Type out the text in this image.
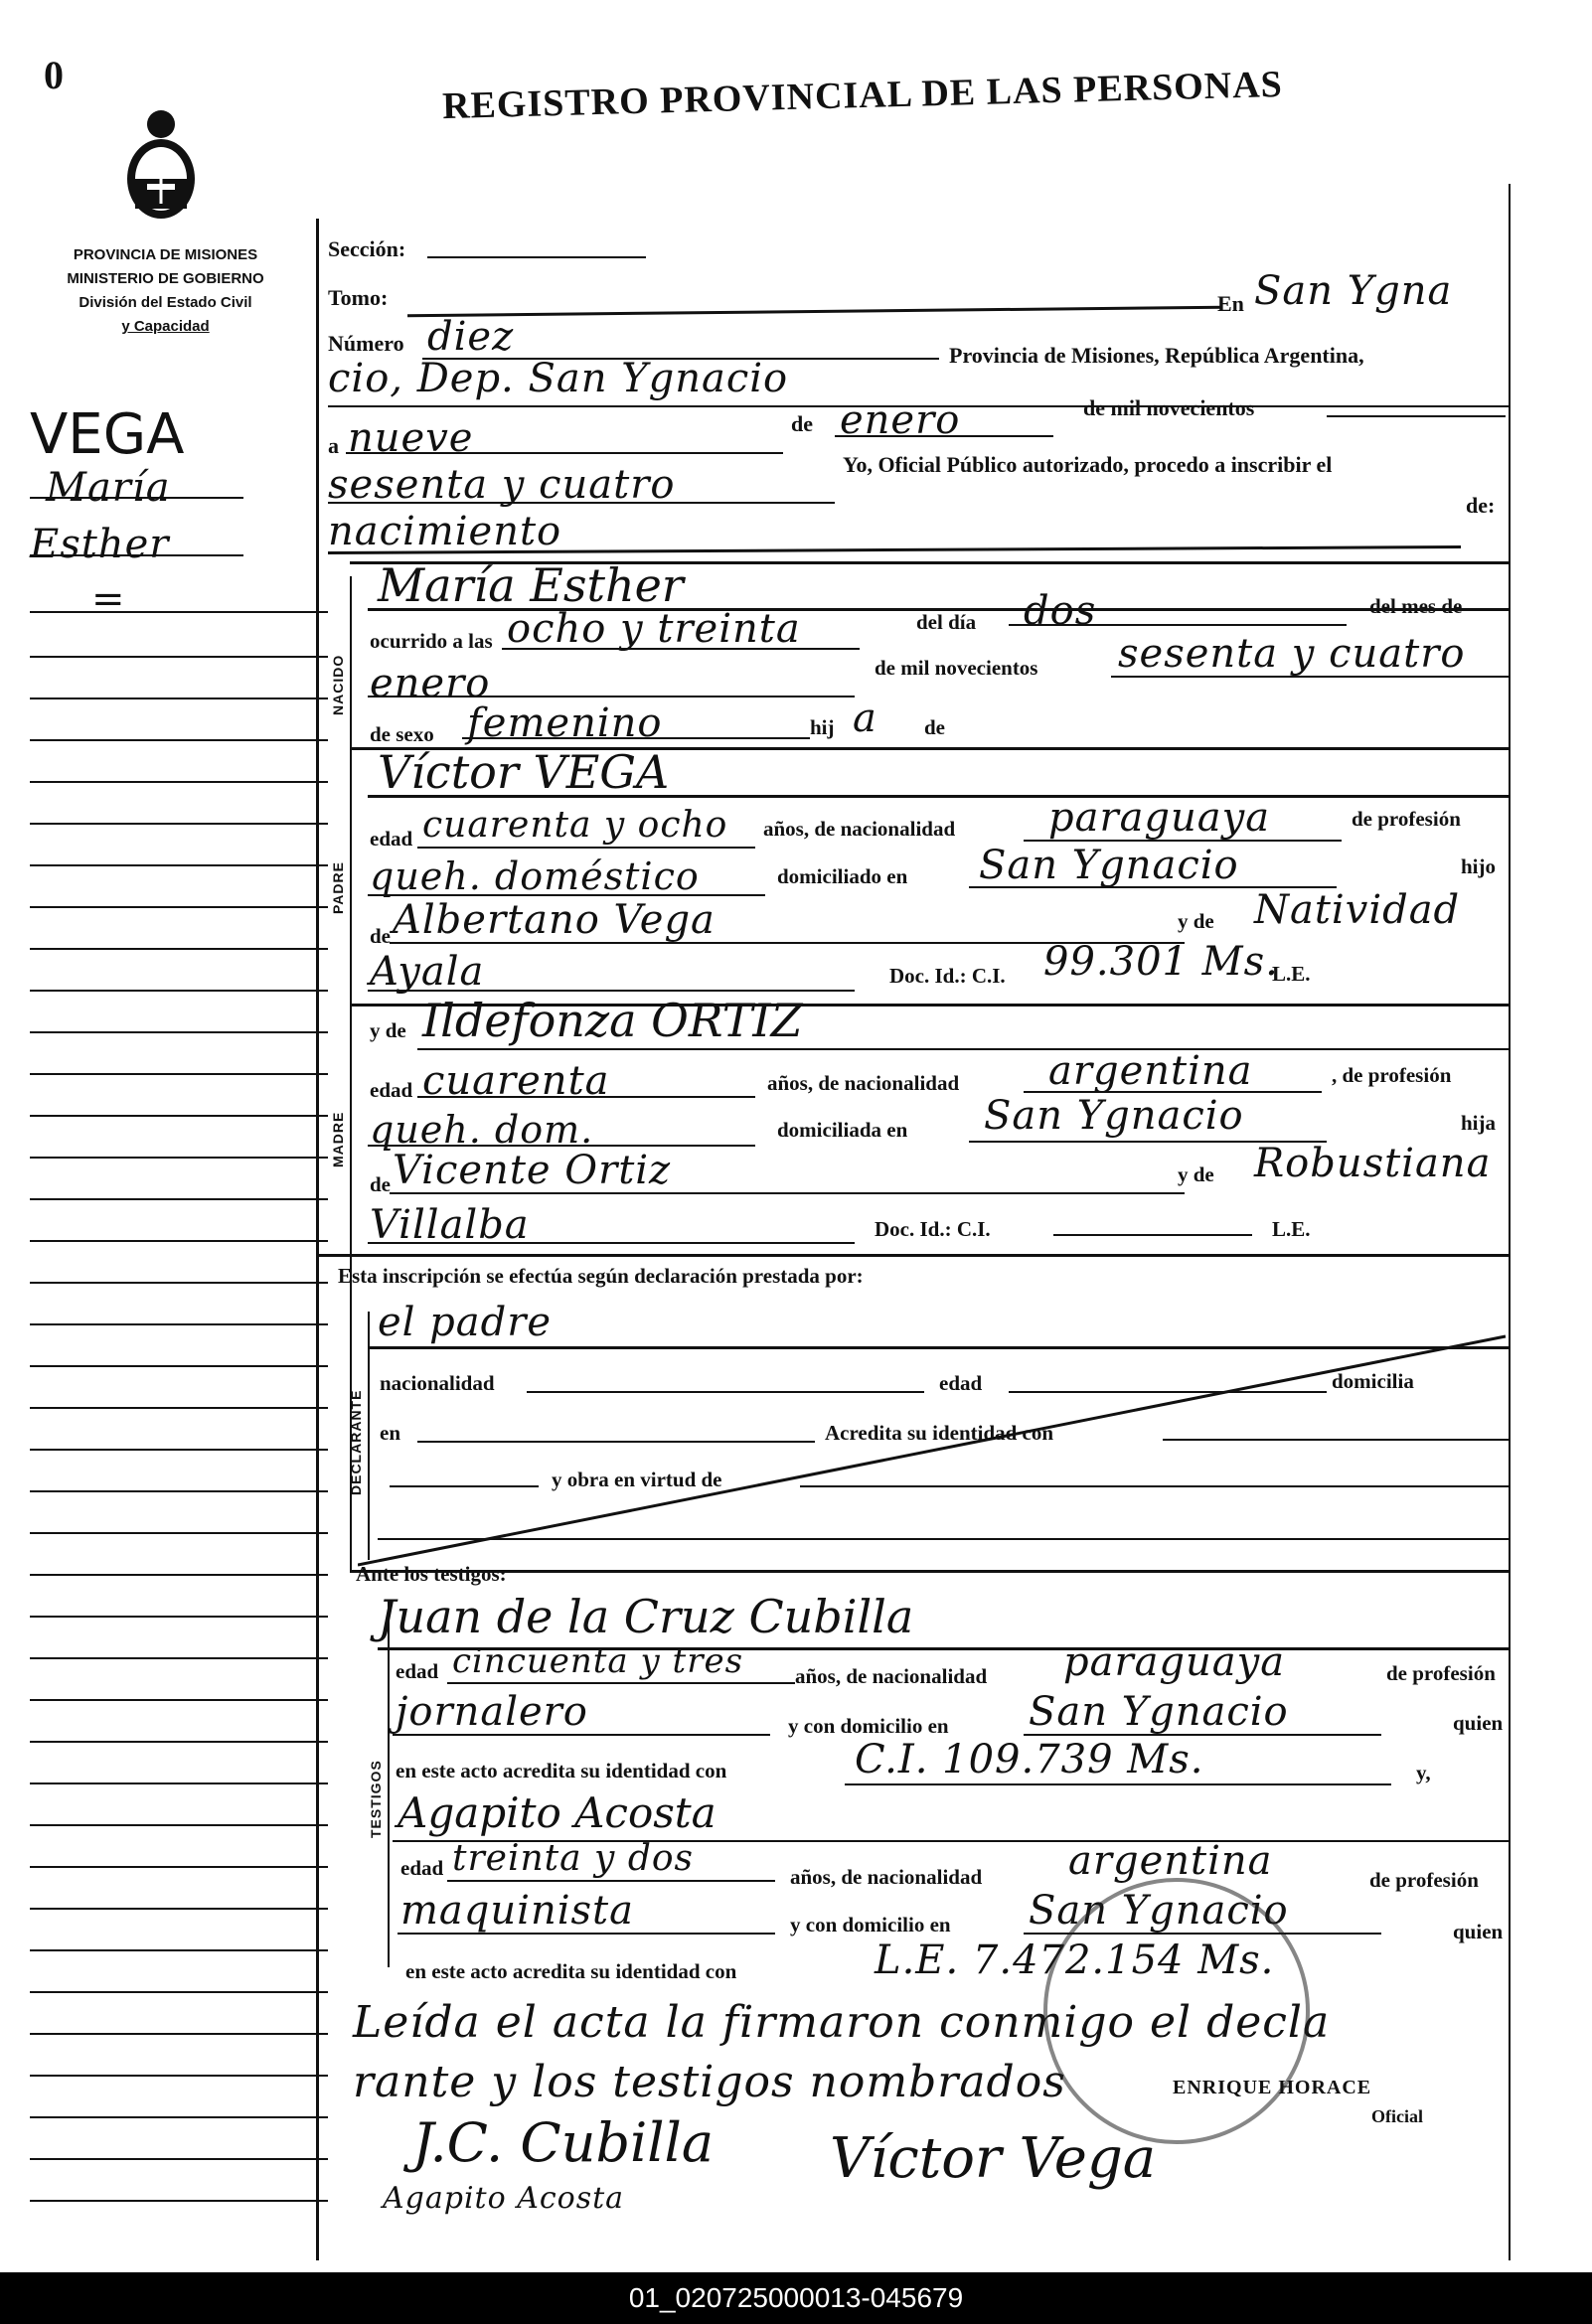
0
PROVINCIA DE MISIONES
MINISTERIO DE GOBIERNO
División del Estado Civil
y Capacidad
REGISTRO PROVINCIAL DE LAS PERSONAS
VEGA
María
Esther
=
NACIDO
PADRE
MADRE
DECLARANTE
TESTIGOS
Sección:
Tomo:	En San Ygna
Número diez	Provincia de Misiones, República Argentina,
cio, Dep. San Ygnacio
a nueve	de enero	de mil novecientos
sesenta y cuatro	Yo, Oficial Público autorizado, procedo a inscribir el
nacimiento
de:
María Esther
ocurrido a las ocho y treinta	del día dos	del mes de
enero	de mil novecientos sesenta y cuatro
de sexo femenino	hij a de
Víctor VEGA
edad cuarenta y ocho años, de nacionalidad paraguaya	de profesión
queh. doméstico	domiciliado en San Ygnacio	hijo
de Albertano Vega	y de Natividad
Ayala	Doc. Id.: C.I. 99.301 Ms.
L.E.
y de Ildefonza ORTIZ
edad cuarenta	años, de nacionalidad argentina	, de profesión
queh. dom.	domiciliada en San Ygnacio	hija
de Vicente Ortiz	y de Robustiana
Villalba	Doc. Id.: C.I.	L.E.
Esta inscripción se efectúa según declaración prestada por:
el padre
nacionalidad	edad	domicilia
en	Acredita su identidad con
y obra en virtud de
Ante los testigos:
Juan de la Cruz Cubilla
edad cincuenta y tres años, de nacionalidad paraguaya	de profesión
jornalero	y con domicilio en San Ygnacio	quien
en este acto acredita su identidad con	C.I. 109.739 Ms.	y,
Agapito Acosta
edad treinta y dos	años, de nacionalidad argentina	de profesión
maquinista	y con domicilio en San Ygnacio	quien
en este acto acredita su identidad con	L.E. 7.472.154 Ms.
Leída el acta la firmaron conmigo el decla
rante y los testigos nombrados	ENRIQUE HORACE
Oficial
J.C. Cubilla Víctor Vega
Agapito Acosta
01_020725000013-045679
